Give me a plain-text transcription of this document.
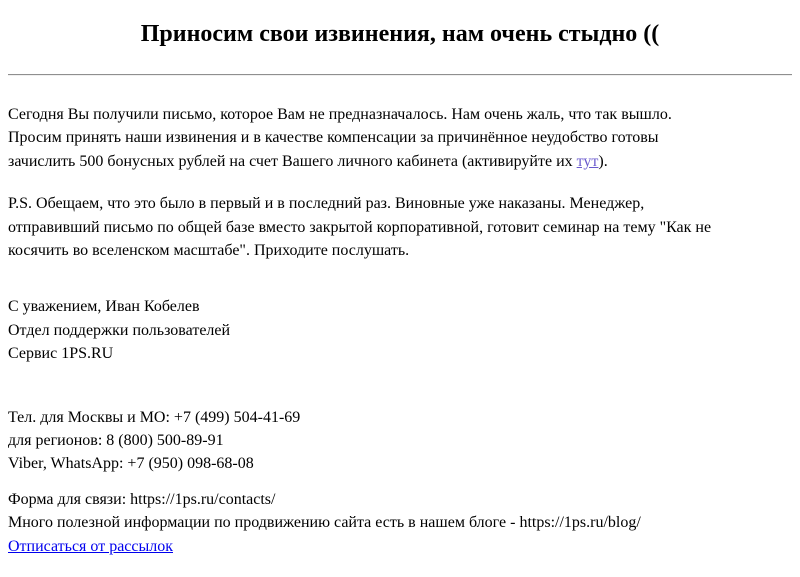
Приносим свои извинения, нам очень стыдно ((

Сегодня Вы получили письмо, которое Вам не предназначалось. Нам очень жаль, что так вышло.
Просим принять наши извинения и в качестве компенсации за причинённое неудобство готовы
зачислить 500 бонусных рублей на счет Вашего личного кабинета (активируйте их тут).

P.S. Обещаем, что это было в первый и в последний раз. Виновные уже наказаны. Менеджер,
отправивший письмо по общей базе вместо закрытой корпоративной, готовит семинар на тему "Как не
косячить во вселенском масштабе". Приходите послушать.

С уважением, Иван Кобелев
Отдел поддержки пользователей
Сервис 1PS.RU

Тел. для Москвы и МО: +7 (499) 504-41-69
для регионов: 8 (800) 500-89-91
Viber, WhatsApp: +7 (950) 098-68-08

Форма для связи: https://1ps.ru/contacts/
Много полезной информации по продвижению сайта есть в нашем блоге - https://1ps.ru/blog/
Отписаться от рассылок
